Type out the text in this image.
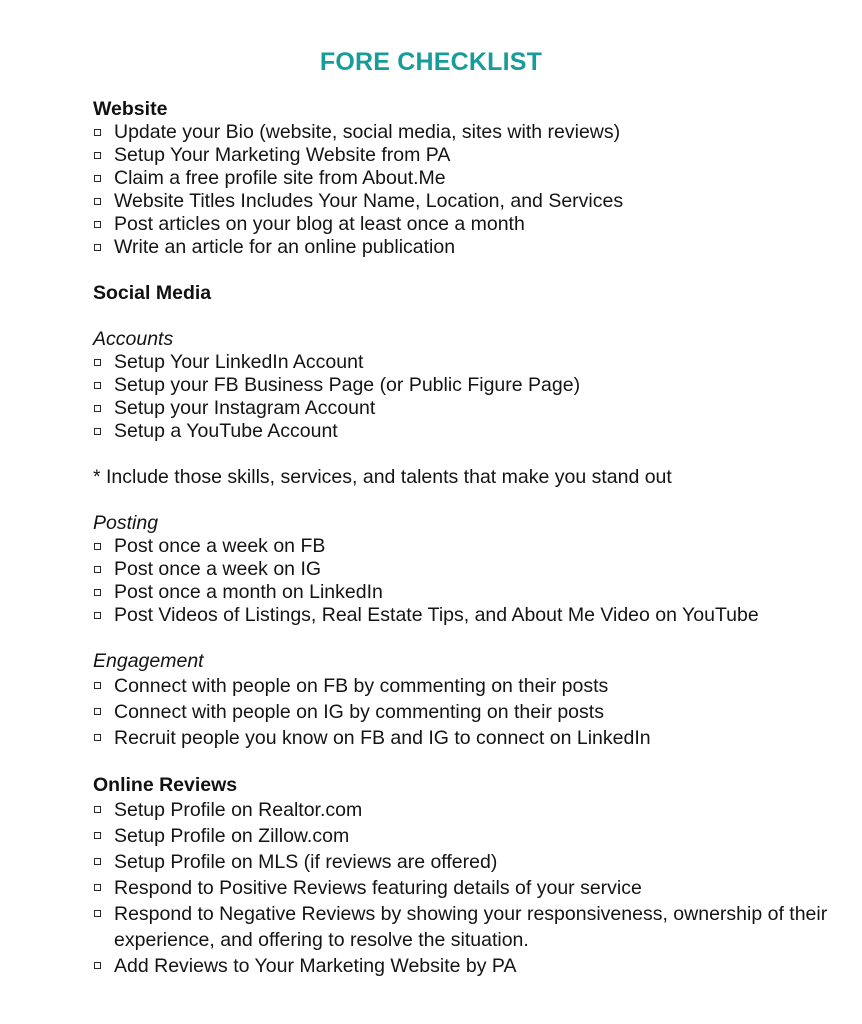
FORE CHECKLIST
Website
Update your Bio (website, social media, sites with reviews)
Setup Your Marketing Website from PA
Claim a free profile site from About.Me
Website Titles Includes Your Name, Location, and Services
Post articles on your blog at least once a month
Write an article for an online publication
Social Media
Accounts
Setup Your LinkedIn Account
Setup your FB Business Page (or Public Figure Page)
Setup your Instagram Account
Setup a YouTube Account
* Include those skills, services, and talents that make you stand out
Posting
Post once a week on FB
Post once a week on IG
Post once a month on LinkedIn
Post Videos of Listings, Real Estate Tips, and About Me Video on YouTube
Engagement
Connect with people on FB by commenting on their posts
Connect with people on IG by commenting on their posts
Recruit people you know on FB and IG to connect on LinkedIn
Online Reviews
Setup Profile on Realtor.com
Setup Profile on Zillow.com
Setup Profile on MLS (if reviews are offered)
Respond to Positive Reviews featuring details of your service
Respond to Negative Reviews by showing your responsiveness, ownership of their experience, and offering to resolve the situation.
Add Reviews to Your Marketing Website by PA
